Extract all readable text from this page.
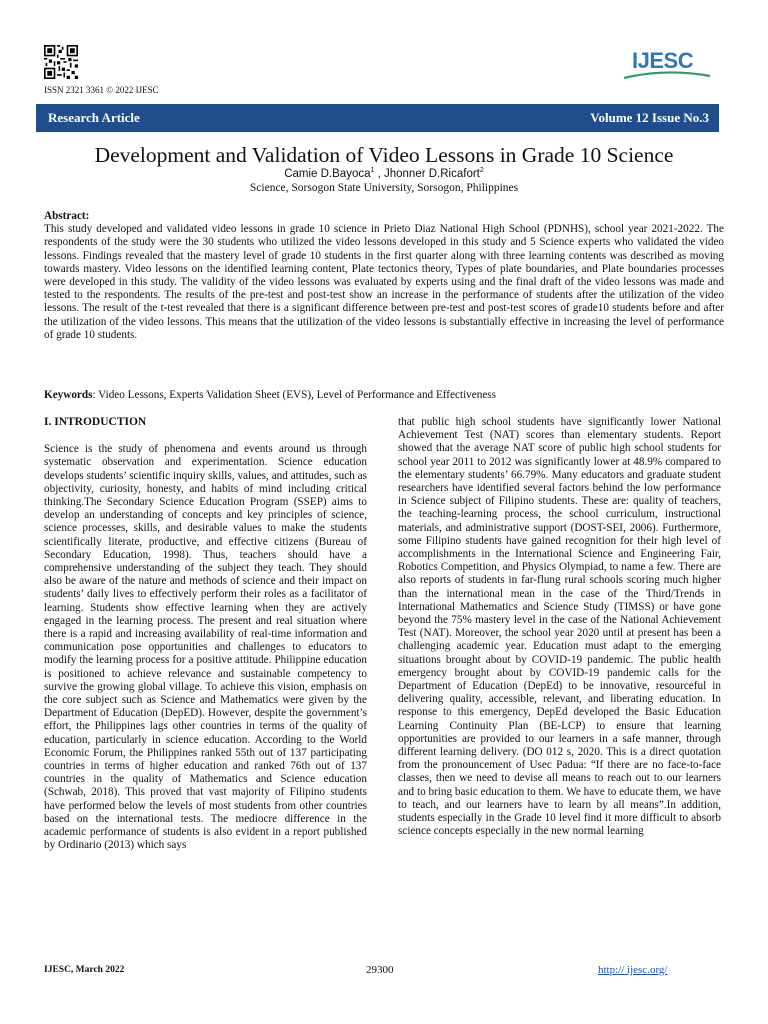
ISSN 2321 3361 © 2022 IJESC
IJESC
Research Article	Volume 12 Issue No.3
Development and Validation of Video Lessons in Grade 10 Science
Camie D.Bayoca$^1$ , Jhonner D.Ricafort$^2$
Science, Sorsogon State University, Sorsogon, Philippines
Abstract:
This study developed and validated video lessons in grade 10 science in Prieto Diaz National High School (PDNHS), school year 2021-2022. The respondents of the study were the 30 students who utilized the video lessons developed in this study and 5 Science experts who validated the video lessons. Findings revealed that the mastery level of grade 10 students in the first quarter along with three learning contents was described as moving towards mastery. Video lessons on the identified learning content, Plate tectonics theory, Types of plate boundaries, and Plate boundaries processes were developed in this study. The validity of the video lessons was evaluated by experts using and the final draft of the video lessons was made and tested to the respondents. The results of the pre-test and post-test show an increase in the performance of students after the utilization of the video lessons. The result of the t-test revealed that there is a significant difference between pre-test and post-test scores of grade10 students before and after the utilization of the video lessons. This means that the utilization of the video lessons is substantially effective in increasing the level of performance of grade 10 students.
Keywords: Video Lessons, Experts Validation Sheet (EVS), Level of Performance and Effectiveness
I. INTRODUCTION

Science is the study of phenomena and events around us through systematic observation and experimentation. Science education develops students’ scientific inquiry skills, values, and attitudes, such as objectivity, curiosity, honesty, and habits of mind including critical thinking.The Secondary Science Education Program (SSEP) aims to develop an understanding of concepts and key principles of science, science processes, skills, and desirable values to make the students scientifically literate, productive, and effective citizens (Bureau of Secondary Education, 1998). Thus, teachers should have a comprehensive understanding of the subject they teach. They should also be aware of the nature and methods of science and their impact on students’ daily lives to effectively perform their roles as a facilitator of learning. Students show effective learning when they are actively engaged in the learning process. The present and real situation where there is a rapid and increasing availability of real-time information and communication pose opportunities and challenges to educators to modify the learning process for a positive attitude. Philippine education is positioned to achieve relevance and sustainable competency to survive the growing global village. To achieve this vision, emphasis on the core subject such as Science and Mathematics were given by the Department of Education (DepED). However, despite the government’s effort, the Philippines lags other countries in terms of the quality of education, particularly in science education. According to the World Economic Forum, the Philippines ranked 55th out of 137 participating countries in terms of higher education and ranked 76th out of 137 countries in the quality of Mathematics and Science education (Schwab, 2018). This proved that vast majority of Filipino students have performed below the levels of most students from other countries based on the international tests. The mediocre difference in the academic performance of students is also evident in a report published by Ordinario (2013) which says

that public high school students have significantly lower National Achievement Test (NAT) scores than elementary students. Report showed that the average NAT score of public high school students for school year 2011 to 2012 was significantly lower at 48.9% compared to the elementary students’ 66.79%. Many educators and graduate student researchers have identified several factors behind the low performance in Science subject of Filipino students. These are: quality of teachers, the teaching-learning process, the school curriculum, instructional materials, and administrative support (DOST-SEI, 2006). Furthermore, some Filipino students have gained recognition for their high level of accomplishments in the International Science and Engineering Fair, Robotics Competition, and Physics Olympiad, to name a few. There are also reports of students in far-flung rural schools scoring much higher than the international mean in the case of the Third/Trends in International Mathematics and Science Study (TIMSS) or have gone beyond the 75% mastery level in the case of the National Achievement Test (NAT). Moreover, the school year 2020 until at present has been a challenging academic year. Education must adapt to the emerging situations brought about by COVID-19 pandemic. The public health emergency brought about by COVID-19 pandemic calls for the Department of Education (DepEd) to be innovative, resourceful in delivering quality, accessible, relevant, and liberating education. In response to this emergency, DepEd developed the Basic Education Learning Continuity Plan (BE-LCP) to ensure that learning opportunities are provided to our learners in a safe manner, through different learning delivery. (DO 012 s, 2020. This is a direct quotation from the pronouncement of Usec Padua: “If there are no face-to-face classes, then we need to devise all means to reach out to our learners and to bring basic education to them. We have to educate them, we have to teach, and our learners have to learn by all means”.In addition, students especially in the Grade 10 level find it more difficult to absorb science concepts especially in the new normal learning

IJESC, March 2022	29300	http:// ijesc.org/
